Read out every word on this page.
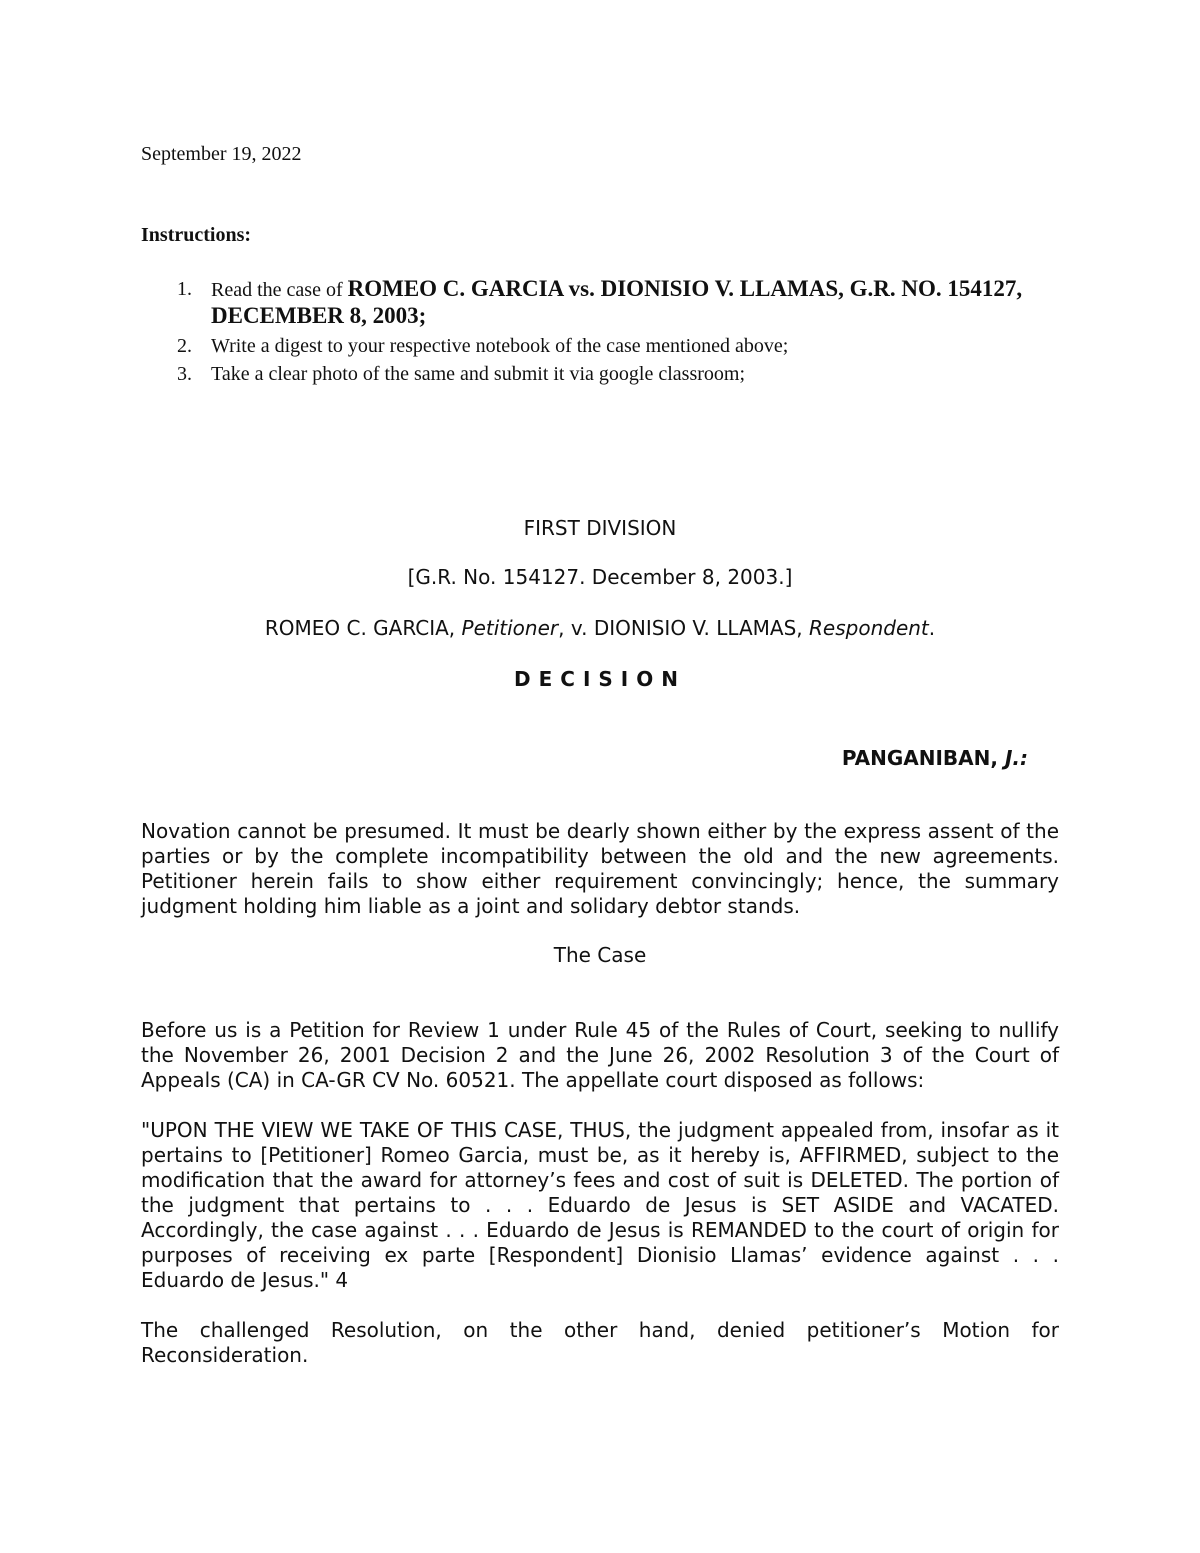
September 19, 2022
Instructions:
1. Read the case of ROMEO C. GARCIA vs. DIONISIO V. LLAMAS, G.R. NO. 154127, DECEMBER 8, 2003;
2. Write a digest to your respective notebook of the case mentioned above;
3. Take a clear photo of the same and submit it via google classroom;
FIRST DIVISION
[G.R. No. 154127. December 8, 2003.]
ROMEO C. GARCIA, Petitioner, v. DIONISIO V. LLAMAS, Respondent.
DECISION
PANGANIBAN, J.:
Novation cannot be presumed. It must be dearly shown either by the express assent of the parties or by the complete incompatibility between the old and the new agreements. Petitioner herein fails to show either requirement convincingly; hence, the summary judgment holding him liable as a joint and solidary debtor stands.
The Case
Before us is a Petition for Review 1 under Rule 45 of the Rules of Court, seeking to nullify the November 26, 2001 Decision 2 and the June 26, 2002 Resolution 3 of the Court of Appeals (CA) in CA-GR CV No. 60521. The appellate court disposed as follows:
"UPON THE VIEW WE TAKE OF THIS CASE, THUS, the judgment appealed from, insofar as it pertains to [Petitioner] Romeo Garcia, must be, as it hereby is, AFFIRMED, subject to the modification that the award for attorney’s fees and cost of suit is DELETED. The portion of the judgment that pertains to . . . Eduardo de Jesus is SET ASIDE and VACATED. Accordingly, the case against . . . Eduardo de Jesus is REMANDED to the court of origin for purposes of receiving ex parte [Respondent] Dionisio Llamas’ evidence against . . . Eduardo de Jesus." 4
The challenged Resolution, on the other hand, denied petitioner’s Motion for Reconsideration.
